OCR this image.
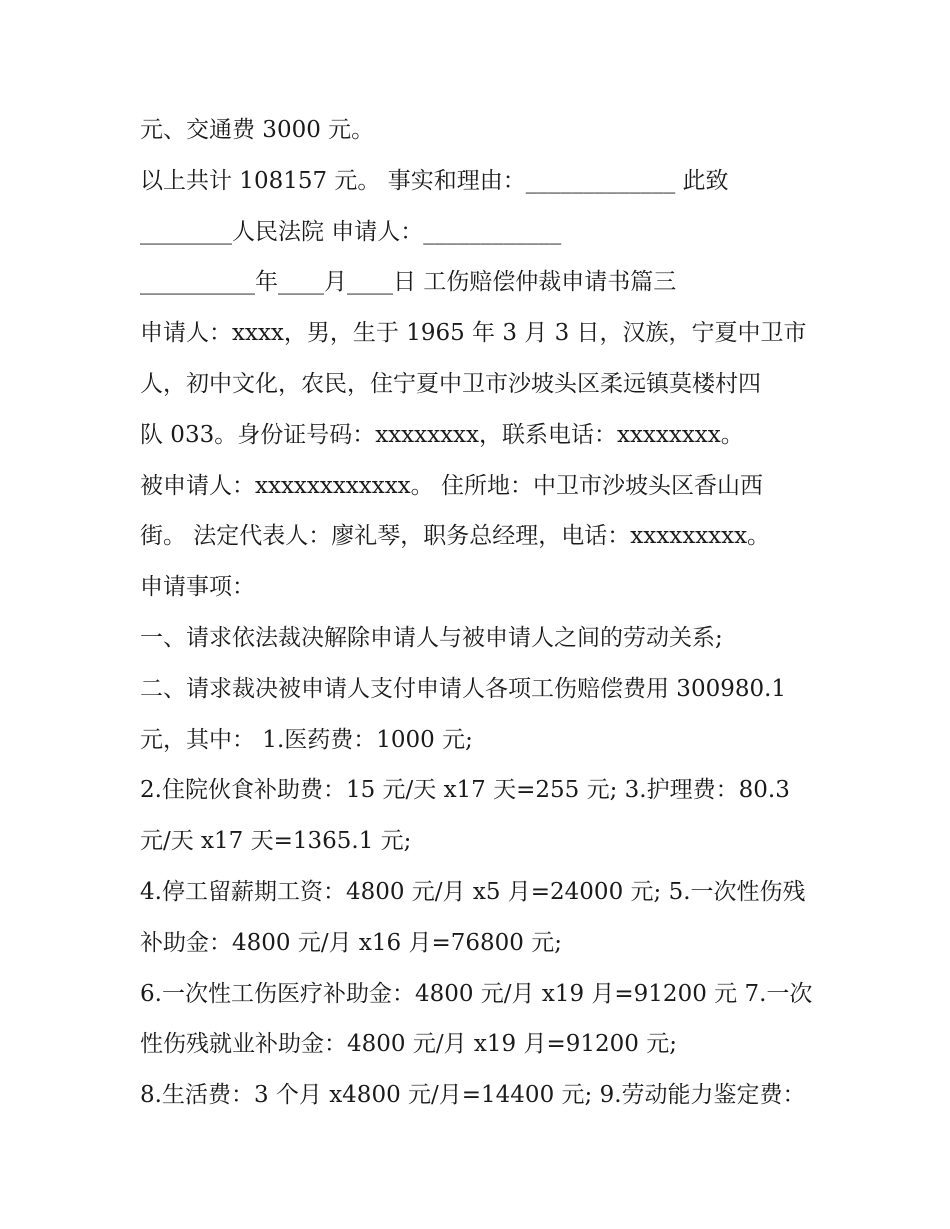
元、交通费 3000 元。
以上共计 108157 元。 事实和理由：_____________ 此致
________人民法院 申请人：____________
__________年____月____日 工伤赔偿仲裁申请书篇三
申请人：xxxx，男，生于 1965 年 3 月 3 日，汉族，宁夏中卫市
人，初中文化，农民，住宁夏中卫市沙坡头区柔远镇莫楼村四
队 033。身份证号码：xxxxxxxx，联系电话：xxxxxxxx。
被申请人：xxxxxxxxxxxx。 住所地：中卫市沙坡头区香山西
街。 法定代表人：廖礼琴，职务总经理，电话：xxxxxxxxx。
申请事项：
一、请求依法裁决解除申请人与被申请人之间的劳动关系;
二、请求裁决被申请人支付申请人各项工伤赔偿费用 300980.1
元，其中： 1.医药费：1000 元;
2.住院伙食补助费：15 元/天 x17 天=255 元; 3.护理费：80.3
元/天 x17 天=1365.1 元;
4.停工留薪期工资：4800 元/月 x5 月=24000 元; 5.一次性伤残
补助金：4800 元/月 x16 月=76800 元;
6.一次性工伤医疗补助金：4800 元/月 x19 月=91200 元 7.一次
性伤残就业补助金：4800 元/月 x19 月=91200 元;
8.生活费：3 个月 x4800 元/月=14400 元; 9.劳动能力鉴定费：
